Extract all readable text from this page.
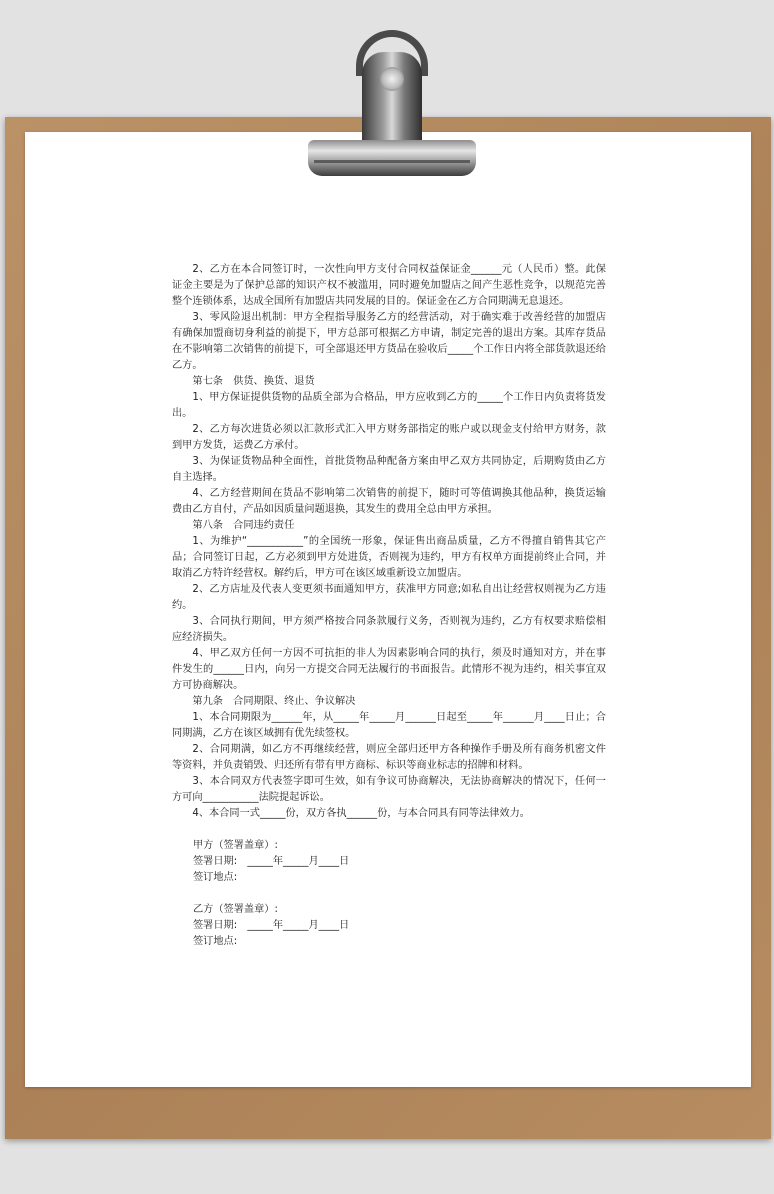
2、乙方在本合同签订时，一次性向甲方支付合同权益保证金______元（人民币）整。此保证金主要是为了保护总部的知识产权不被滥用，同时避免加盟店之间产生恶性竞争，以规范完善整个连锁体系，达成全国所有加盟店共同发展的目的。保证金在乙方合同期满无息退还。

3、零风险退出机制：甲方全程指导服务乙方的经营活动，对于确实难于改善经营的加盟店有确保加盟商切身利益的前提下，甲方总部可根据乙方申请，制定完善的退出方案。其库存货品在不影响第二次销售的前提下，可全部退还甲方货品在验收后_____个工作日内将全部货款退还给乙方。

第七条　供货、换货、退货

1、甲方保证提供货物的品质全部为合格品，甲方应收到乙方的_____个工作日内负责将货发出。

2、乙方每次进货必须以汇款形式汇入甲方财务部指定的账户或以现金支付给甲方财务，款到甲方发货，运费乙方承付。

3、为保证货物品种全面性，首批货物品种配备方案由甲乙双方共同协定，后期购货由乙方自主选择。

4、乙方经营期间在货品不影响第二次销售的前提下，随时可等值调换其他品种，换货运输费由乙方自付，产品如因质量问题退换，其发生的费用全总由甲方承担。

第八条　合同违约责任

1、为维护“___________”的全国统一形象，保证售出商品质量，乙方不得擅自销售其它产品；合同签订日起，乙方必须到甲方处进货，否则视为违约，甲方有权单方面提前终止合同，并取消乙方特许经营权。解约后，甲方可在该区域重新设立加盟店。

2、乙方店址及代表人变更须书面通知甲方，获准甲方同意;如私自出让经营权则视为乙方违约。

3、合同执行期间，甲方须严格按合同条款履行义务，否则视为违约，乙方有权要求赔偿相应经济损失。

4、甲乙双方任何一方因不可抗拒的非人为因素影响合同的执行，须及时通知对方，并在事件发生的______日内，向另一方提交合同无法履行的书面报告。此情形不视为违约，相关事宜双方可协商解决。

第九条　合同期限、终止、争议解决

1、本合同期限为______年，从_____年_____月______日起至_____年______月____日止；合同期满，乙方在该区域拥有优先续签权。

2、合同期满，如乙方不再继续经营，则应全部归还甲方各种操作手册及所有商务机密文件等资料，并负责销毁、归还所有带有甲方商标、标识等商业标志的招牌和材料。

3、本合同双方代表签字即可生效，如有争议可协商解决，无法协商解决的情况下，任何一方可向___________法院提起诉讼。

4、本合同一式_____份，双方各执______份，与本合同具有同等法律效力。

甲方（签署盖章）:

签署日期:　_____年_____月____日

签订地点:

乙方（签署盖章）:

签署日期:　_____年_____月____日

签订地点:
